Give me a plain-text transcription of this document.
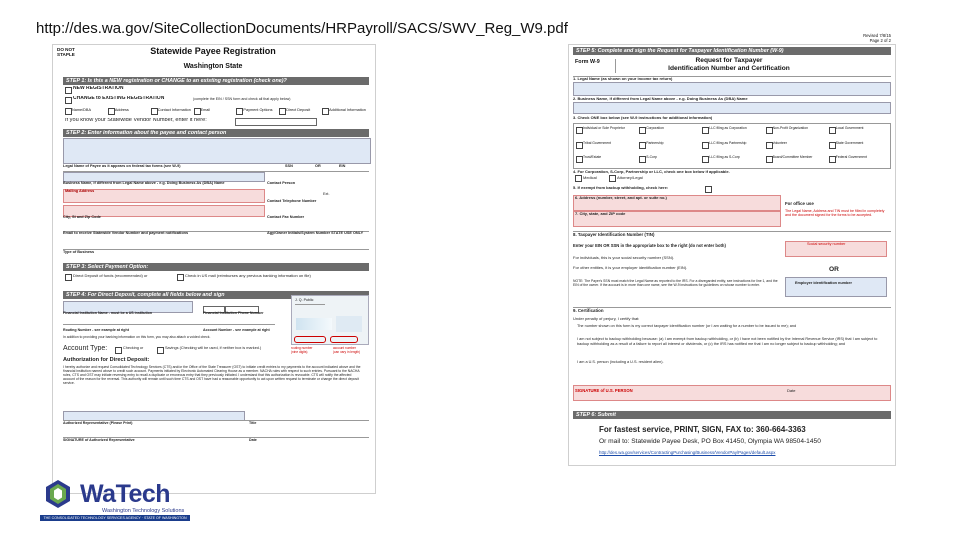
http://des.wa.gov/SiteCollectionDocuments/HRPayroll/SACS/SWV_Reg_W9.pdf
DO NOT
STAPLE	Statewide Payee Registration
Washington State
STEP 1: Is this a NEW registration or CHANGE to an existing registration (check one)?
NEW REGISTRATION
CHANGE to EXISTING REGISTRATION	(complete the EIN / SSN form and check all that apply below)
Name/DBA	Address	Contact Information	Email	Payment Options	Direct Deposit	Additional Information
If you know your Statewide Vendor Number, enter it here:
STEP 2: Enter information about the payee and contact person
Legal Name of Payee as it appears on federal tax forms (see W-9)	SSN	OR	EIN
Business Name, if different from Legal Name above - e.g. Doing Business As (DBA) Name	Contact Person
Mailing Address
Contact Telephone Number
Ext.
City, St and Zip Code	Contact Fax Number
Email to receive Statewide Vendor Number and payment notifications	Agy/Owner Initials/System Number STATE USE ONLY
Type of Business
STEP 3: Select Payment Option:
Direct Deposit of funds (recommended) or	Check in US mail (reimburses any previous banking information on file)
STEP 4: For Direct Deposit, complete all fields below and sign
Financial Institution Name - must be a US institution	Financial Institution Phone Number
Routing Number - see example at right	Account Number - see example at right
In addition to providing your banking information on this form, you may also attach a voided check.
Account Type:	Checking or	Savings (Checking will be used, if neither box is marked.)
J. Q. Public
routing number
(nine digits)
account number
(can vary in length)
Authorization for Direct Deposit:
I hereby authorize and request Consolidated Technology Services (CTS) and/or the Office of the State Treasurer (OST) to initiate credit entries to my payments to the account indicated above and the financial institution named above to credit such account. Payments initiated by Electronic Automated Clearing House as a member. NACHA rules with respect to such entries. Pursuant to the NACHA rules, CTS and OST may initiate reversing entry to recall a duplicate or erroneous entry that they previously initiated. I understand that this authorization is revocable. CTS will notify the affected account of the reason for the reversal. This authority will remain until such time CTS and OST have had a reasonable opportunity to act upon written request to terminate or change the direct deposit service.
Authorized Representative (Please Print)	Title
SIGNATURE of Authorized Representative	Date
Revised 7/8/15
Page 2 of 2
STEP 5: Complete and sign the Request for Taxpayer Identification Number (W-9)
Form W-9	Request for Taxpayer
Identification Number and Certification
1. Legal Name (as shown on your income tax return)
2. Business Name, if different from Legal Name above - e.g. Doing Business As (DBA) Name
3. Check ONE box below (see W-9 instructions for additional information)
Individual or Sole Proprietor	Corporation	LLC filing as Corporation	Non-Profit Organization	Local Government
Tribal Government	Partnership	LLC filing as Partnership	Volunteer	State Government
Trust/Estate	S-Corp	LLC filing as S-Corp	Board/Committee Member	Federal Government
4. For Corporation, S-Corp, Partnership or LLC, check one box below if applicable.
Medical	Attorney/Legal
5. If exempt from backup withholding, check here:
6. Address (number, street, and apt. or suite no.)
For office use
7. City, state, and ZIP code	The Legal Name, Address and TIN must be filled in completely and the document signed for the forms to be accepted.
8. Taxpayer Identification Number (TIN)
Enter your EIN OR SSN in the appropriate box to the right (do not enter both)	Social security number
For individuals, this is your social security number (SSN).
OR
For other entities, it is your employer identification number (EIN).
Employer identification number
NOTE: The Payer's SSN must match the Legal Name as reported to the IRS. For a disregarded entity, see instructions for line 1, and the EIN of the owner. If the account is in more than one name, see the W-9 instructions for guidelines on whose number to enter.
9. Certification
Under penalty of perjury, I certify that:
The number shown on this form is my correct taxpayer identification number (or I am waiting for a number to be issued to me); and
I am not subject to backup withholding because: (a) I am exempt from backup withholding, or (b) I have not been notified by the Internal Revenue Service (IRS) that I am subject to backup withholding as a result of a failure to report all interest or dividends, or (c) the IRS has notified me that I am no longer subject to backup withholding; and
I am a U.S. person (including a U.S. resident alien).
SIGNATURE of U.S. PERSON	Date
STEP 6: Submit
For fastest service, PRINT, SIGN, FAX to: 360-664-3363
Or mail to: Statewide Payee Desk, PO Box 41450, Olympia WA 98504-1450
http://des.wa.gov/services/ContractingPurchasing/Business/VendorPay/Pages/default.aspx
WaTech
Washington Technology Solutions
THE CONSOLIDATED TECHNOLOGY SERVICES AGENCY · STATE OF WASHINGTON
